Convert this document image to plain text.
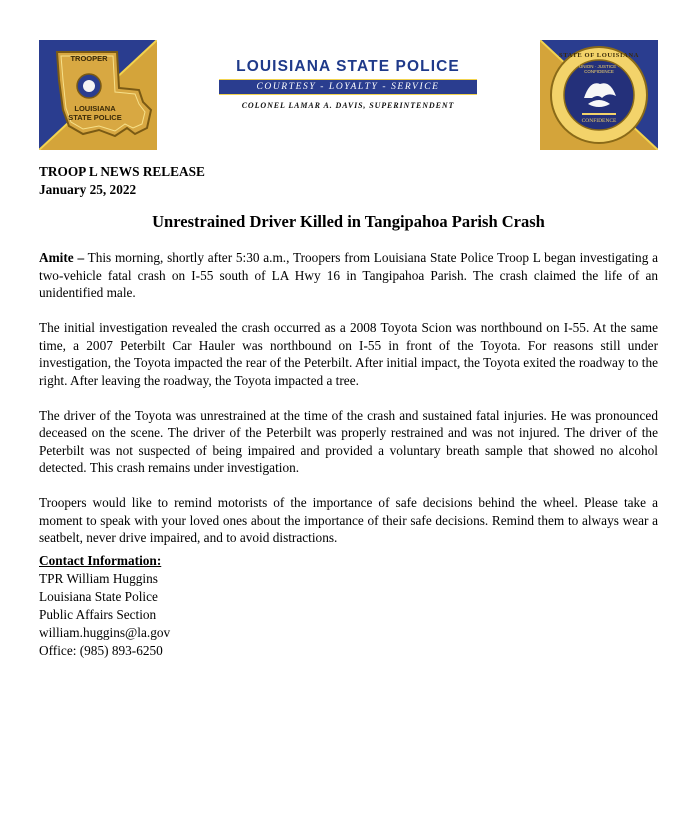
TROOPER
LOUISIANA
STATE POLICE
LOUISIANA STATE POLICE
COURTESY - LOYALTY - SERVICE
COLONEL LAMAR A. DAVIS, SUPERINTENDENT
STATE OF LOUISIANA
UNION · JUSTICE · CONFIDENCE
CONFIDENCE
TROOP L NEWS RELEASE
January 25, 2022
Unrestrained Driver Killed in Tangipahoa Parish Crash

Amite – This morning, shortly after 5:30 a.m., Troopers from Louisiana State Police Troop L began investigating a two-vehicle fatal crash on I-55 south of LA Hwy 16 in Tangipahoa Parish. The crash claimed the life of an unidentified male.

The initial investigation revealed the crash occurred as a 2008 Toyota Scion was northbound on I-55. At the same time, a 2007 Peterbilt Car Hauler was northbound on I-55 in front of the Toyota. For reasons still under investigation, the Toyota impacted the rear of the Peterbilt. After initial impact, the Toyota exited the roadway to the right. After leaving the roadway, the Toyota impacted a tree.

The driver of the Toyota was unrestrained at the time of the crash and sustained fatal injuries. He was pronounced deceased on the scene. The driver of the Peterbilt was properly restrained and was not injured. The driver of the Peterbilt was not suspected of being impaired and provided a voluntary breath sample that showed no alcohol detected. This crash remains under investigation.

Troopers would like to remind motorists of the importance of safe decisions behind the wheel. Please take a moment to speak with your loved ones about the importance of their safe decisions. Remind them to always wear a seatbelt, never drive impaired, and to avoid distractions.

Contact Information:
TPR William Huggins
Louisiana State Police
Public Affairs Section
william.huggins@la.gov
Office: (985) 893-6250
